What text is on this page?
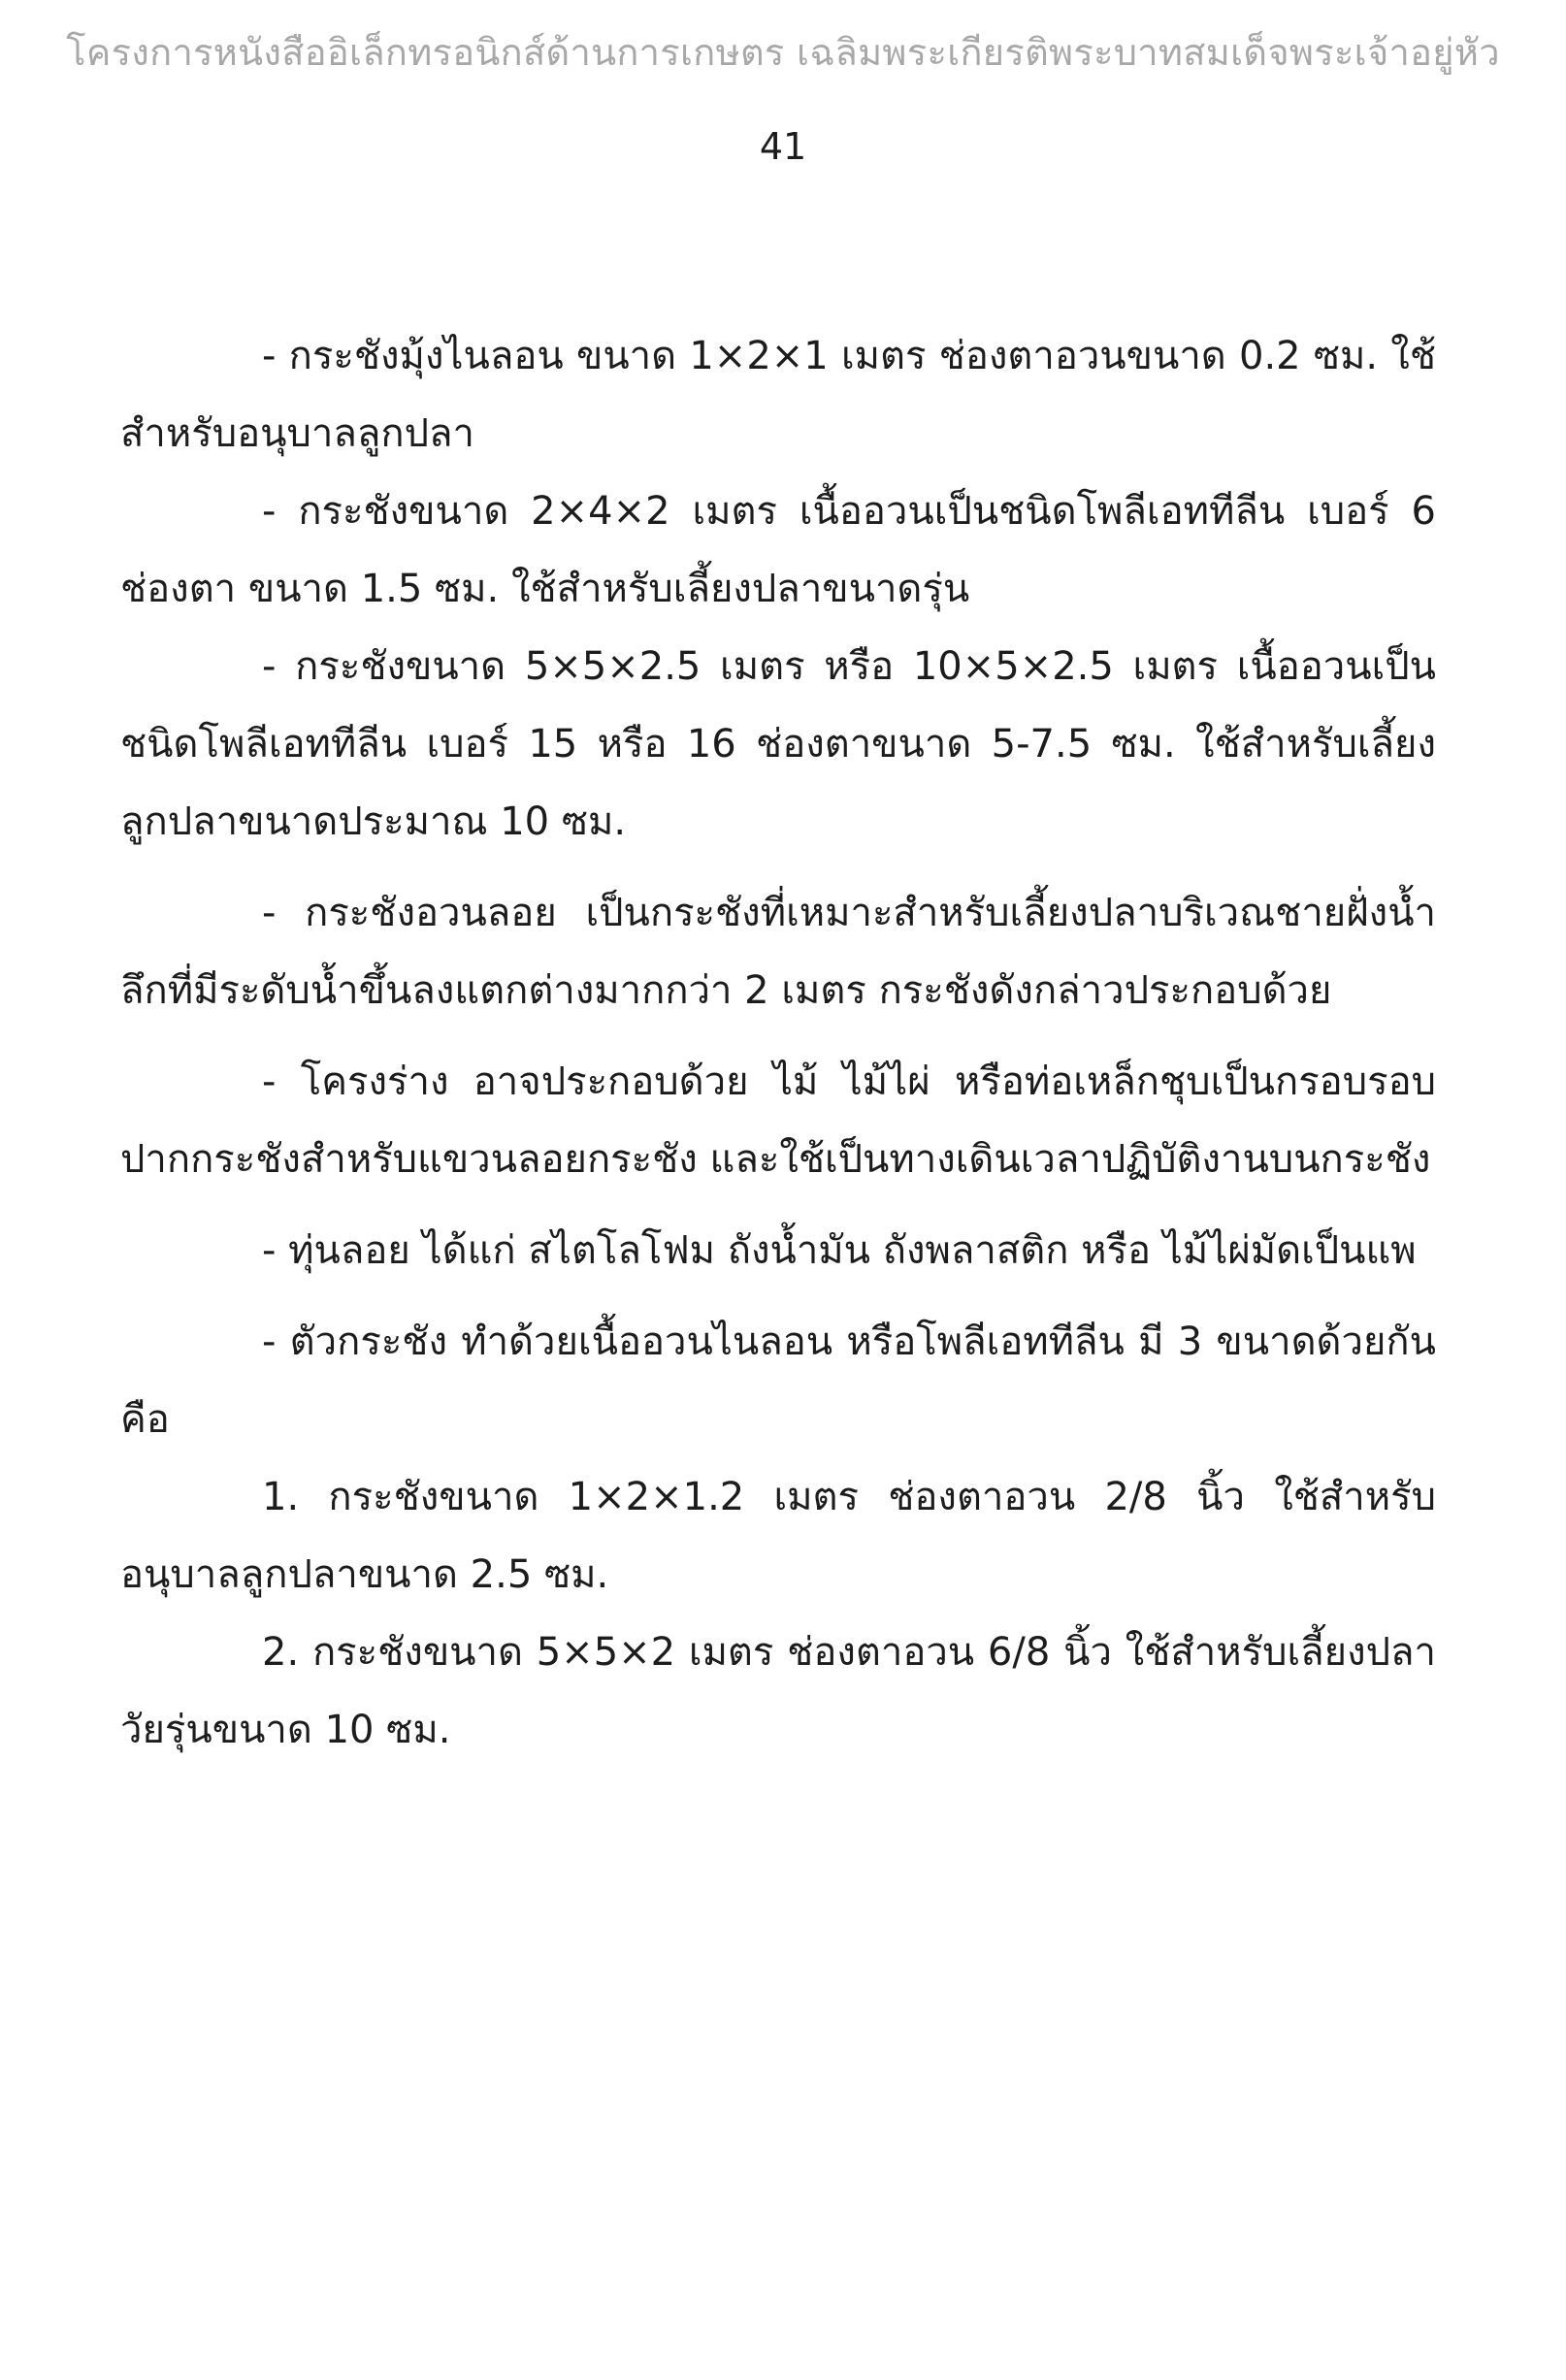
โครงการหนังสืออิเล็กทรอนิกส์ด้านการเกษตร เฉลิมพระเกียรติพระบาทสมเด็จพระเจ้าอยู่หัว
41

- กระชังมุ้งไนลอน ขนาด 1×2×1 เมตร ช่องตาอวนขนาด 0.2 ซม. ใช้สำหรับอนุบาลลูกปลา

- กระชังขนาด 2×4×2 เมตร เนื้ออวนเป็นชนิดโพลีเอททีลีน เบอร์ 6 ช่องตา ขนาด 1.5 ซม. ใช้สำหรับเลี้ยงปลาขนาดรุ่น

- กระชังขนาด 5×5×2.5 เมตร หรือ 10×5×2.5 เมตร เนื้ออวนเป็นชนิดโพลีเอททีลีน เบอร์ 15 หรือ 16 ช่องตาขนาด 5-7.5 ซม. ใช้สำหรับเลี้ยงลูกปลาขนาดประมาณ 10 ซม.

- กระชังอวนลอย เป็นกระชังที่เหมาะสำหรับเลี้ยงปลาบริเวณชายฝั่งน้ำลึกที่มีระดับน้ำขึ้นลงแตกต่างมากกว่า 2 เมตร กระชังดังกล่าวประกอบด้วย

- โครงร่าง อาจประกอบด้วย ไม้ ไม้ไผ่ หรือท่อเหล็กชุบเป็นกรอบรอบปากกระชังสำหรับแขวนลอยกระชัง และใช้เป็นทางเดินเวลาปฏิบัติงานบนกระชัง

- ทุ่นลอย ได้แก่ สไตโลโฟม ถังน้ำมัน ถังพลาสติก หรือ ไม้ไผ่มัดเป็นแพ

- ตัวกระชัง ทำด้วยเนื้ออวนไนลอน หรือโพลีเอททีลีน มี 3 ขนาดด้วยกัน คือ

1. กระชังขนาด 1×2×1.2 เมตร ช่องตาอวน 2/8 นิ้ว ใช้สำหรับอนุบาลลูกปลาขนาด 2.5 ซม.

2. กระชังขนาด 5×5×2 เมตร ช่องตาอวน 6/8 นิ้ว ใช้สำหรับเลี้ยงปลาวัยรุ่นขนาด 10 ซม.
